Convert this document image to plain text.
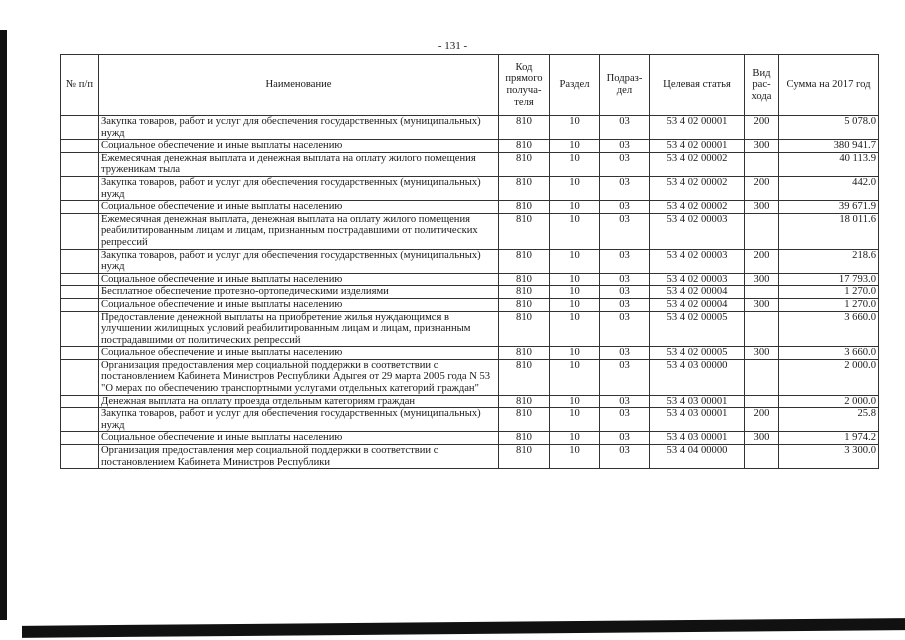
- 131 -
№ п/п	Наименование	Код прямого получа-теля	Раздел	Подраз-дел	Целевая статья	Вид рас-хода	Сумма на 2017 год
	Закупка товаров, работ и услуг для обеспечения государственных (муниципальных) нужд	810	10	03	53 4 02 00001	200	5 078.0
	Социальное обеспечение и иные выплаты населению	810	10	03	53 4 02 00001	300	380 941.7
	Ежемесячная денежная выплата и денежная выплата на оплату жилого помещения труженикам тыла	810	10	03	53 4 02 00002		40 113.9
	Закупка товаров, работ и услуг для обеспечения государственных (муниципальных) нужд	810	10	03	53 4 02 00002	200	442.0
	Социальное обеспечение и иные выплаты населению	810	10	03	53 4 02 00002	300	39 671.9
	Ежемесячная денежная выплата, денежная выплата на оплату жилого помещения реабилитированным лицам и лицам, признанным пострадавшими от политических репрессий	810	10	03	53 4 02 00003		18 011.6
	Закупка товаров, работ и услуг для обеспечения государственных (муниципальных) нужд	810	10	03	53 4 02 00003	200	218.6
	Социальное обеспечение и иные выплаты населению	810	10	03	53 4 02 00003	300	17 793.0
	Бесплатное обеспечение протезно-ортопедическими изделиями	810	10	03	53 4 02 00004		1 270.0
	Социальное обеспечение и иные выплаты населению	810	10	03	53 4 02 00004	300	1 270.0
	Предоставление денежной выплаты на приобретение жилья нуждающимся в улучшении жилищных условий реабилитированным лицам и лицам, признанным пострадавшими от политических репрессий	810	10	03	53 4 02 00005		3 660.0
	Социальное обеспечение и иные выплаты населению	810	10	03	53 4 02 00005	300	3 660.0
	Организация предоставления мер социальной поддержки в соответствии с постановлением Кабинета Министров Республики Адыгея от 29 марта 2005 года N 53 "О мерах по обеспечению транспортными услугами отдельных категорий граждан"	810	10	03	53 4 03 00000		2 000.0
	Денежная выплата на оплату проезда отдельным категориям граждан	810	10	03	53 4 03 00001		2 000.0
	Закупка товаров, работ и услуг для обеспечения государственных (муниципальных) нужд	810	10	03	53 4 03 00001	200	25.8
	Социальное обеспечение и иные выплаты населению	810	10	03	53 4 03 00001	300	1 974.2
	Организация предоставления мер социальной поддержки в соответствии с постановлением Кабинета Министров Республики	810	10	03	53 4 04 00000		3 300.0
